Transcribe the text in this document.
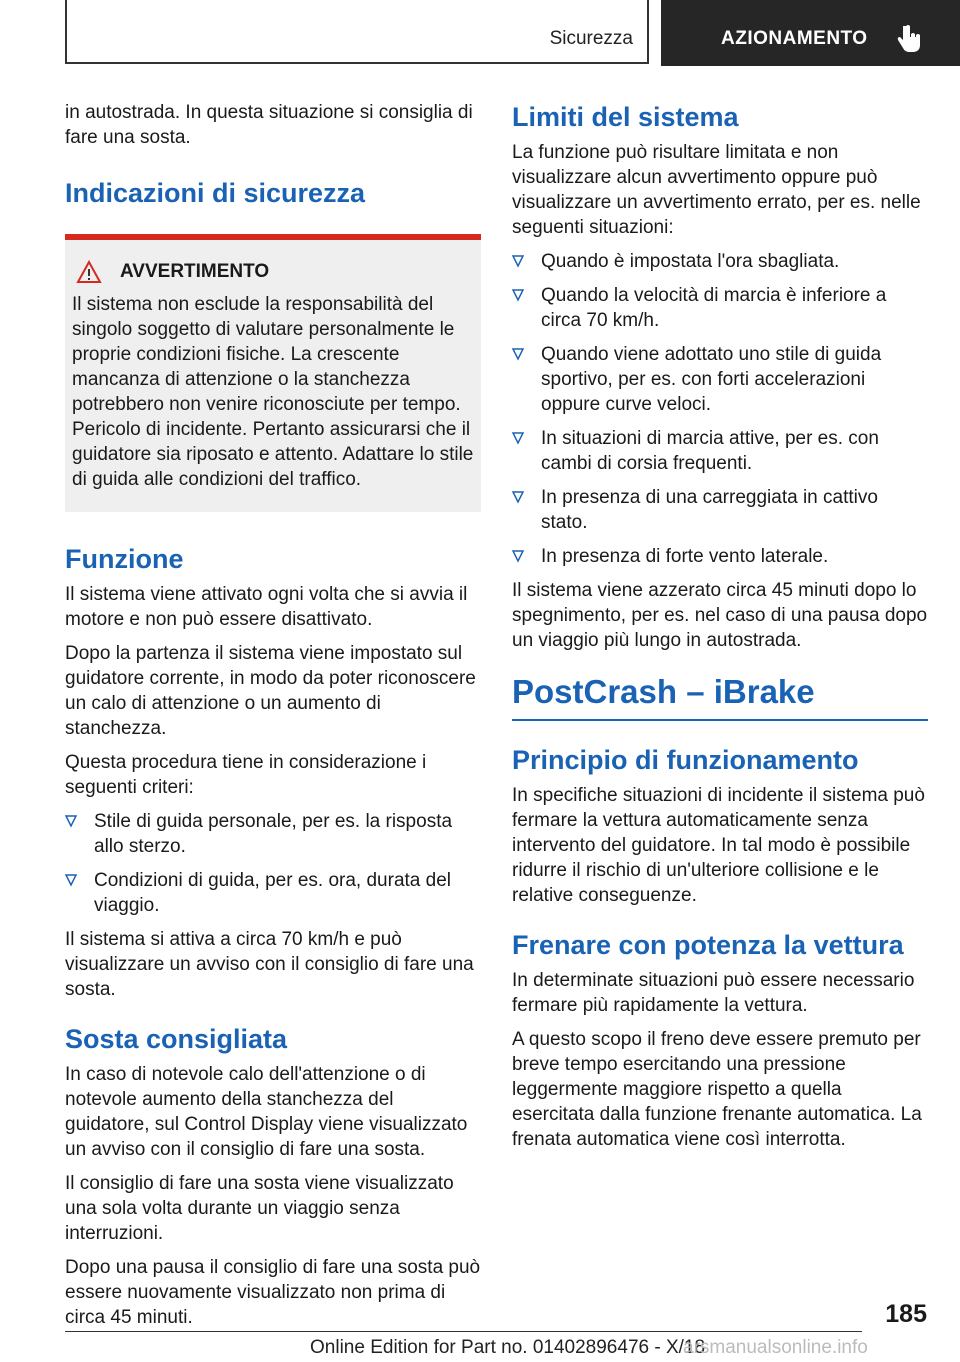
Sicurezza	AZIONAMENTO

in autostrada. In questa situazione si consiglia di fare una sosta.

Indicazioni di sicurezza
AVVERTIMENTO

Il sistema non esclude la responsabilità del singolo soggetto di valutare personalmente le proprie condizioni fisiche. La crescente mancanza di attenzione o la stanchezza potrebbero non venire riconosciute per tempo. Pericolo di incidente. Pertanto assicurarsi che il guidatore sia riposato e attento. Adattare lo stile di guida alle condizioni del traffico.

Funzione

Il sistema viene attivato ogni volta che si avvia il motore e non può essere disattivato.

Dopo la partenza il sistema viene impostato sul guidatore corrente, in modo da poter riconoscere un calo di attenzione o un aumento di stanchezza.

Questa procedura tiene in considerazione i seguenti criteri:

Stile di guida personale, per es. la risposta allo sterzo.
Condizioni di guida, per es. ora, durata del viaggio.

Il sistema si attiva a circa 70 km/h e può visualizzare un avviso con il consiglio di fare una sosta.

Sosta consigliata

In caso di notevole calo dell'attenzione o di notevole aumento della stanchezza del guidatore, sul Control Display viene visualizzato un avviso con il consiglio di fare una sosta.

Il consiglio di fare una sosta viene visualizzato una sola volta durante un viaggio senza interruzioni.

Dopo una pausa il consiglio di fare una sosta può essere nuovamente visualizzato non prima di circa 45 minuti.

Limiti del sistema

La funzione può risultare limitata e non visualizzare alcun avvertimento oppure può visualizzare un avvertimento errato, per es. nelle seguenti situazioni:

Quando è impostata l'ora sbagliata.
Quando la velocità di marcia è inferiore a circa 70 km/h.
Quando viene adottato uno stile di guida sportivo, per es. con forti accelerazioni oppure curve veloci.
In situazioni di marcia attive, per es. con cambi di corsia frequenti.
In presenza di una carreggiata in cattivo stato.
In presenza di forte vento laterale.

Il sistema viene azzerato circa 45 minuti dopo lo spegnimento, per es. nel caso di una pausa dopo un viaggio più lungo in autostrada.

PostCrash – iBrake
Principio di funzionamento

In specifiche situazioni di incidente il sistema può fermare la vettura automaticamente senza intervento del guidatore. In tal modo è possibile ridurre il rischio di un'ulteriore collisione e le relative conseguenze.

Frenare con potenza la vettura

In determinate situazioni può essere necessario fermare più rapidamente la vettura.

A questo scopo il freno deve essere premuto per breve tempo esercitando una pressione leggermente maggiore rispetto a quella esercitata dalla funzione frenante automatica. La frenata automatica viene così interrotta.

185
Online Edition for Part no. 01402896476 - X/18
arsmanualsonline.info
